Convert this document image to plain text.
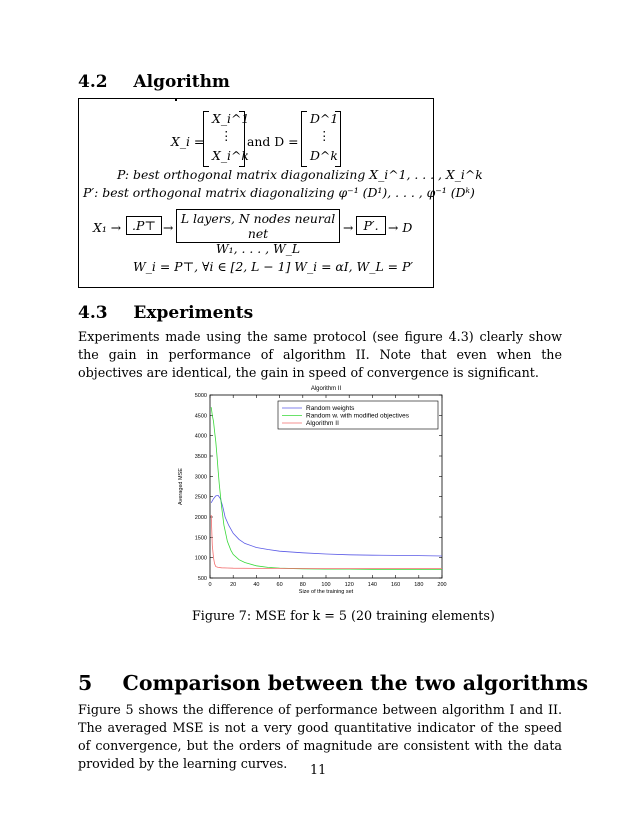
4.2 Algorithm
X_i =
X_i^1
⋮
X_i^k
and D =
D^1
⋮
D^k
P: best orthogonal matrix diagonalizing X_i^1, . . . , X_i^k
P′: best orthogonal matrix diagonalizing φ⁻¹ (D¹), . . . , φ⁻¹ (Dᵏ)
X₁ → .P⊤ →
L layers, N nodes neural net
W₁, . . . , W_L
→ P′. → D
W_i = P⊤, ∀i ∈ [2, L − 1] W_i = αI, W_L = P′
4.3 Experiments
Experiments made using the same protocol (see figure 4.3) clearly show the gain in performance of algorithm II. Note that even when the objectives are identical, the gain in speed of convergence is significant.
Algorithm II
0	20	40	60	80	100	120	140	160	180	200
500
1000
1500
2000
2500
3000
3500
4000
4500
5000
Size of the training set
Averaged MSE
Random weights
Random w. with modified objectives
Algorithm II
Figure 7: MSE for k = 5 (20 training elements)
5 Comparison between the two algorithms
Figure 5 shows the difference of performance between algorithm I and II. The averaged MSE is not a very good quantitative indicator of the speed of convergence, but the orders of magnitude are consistent with the data provided by the learning curves.	11
